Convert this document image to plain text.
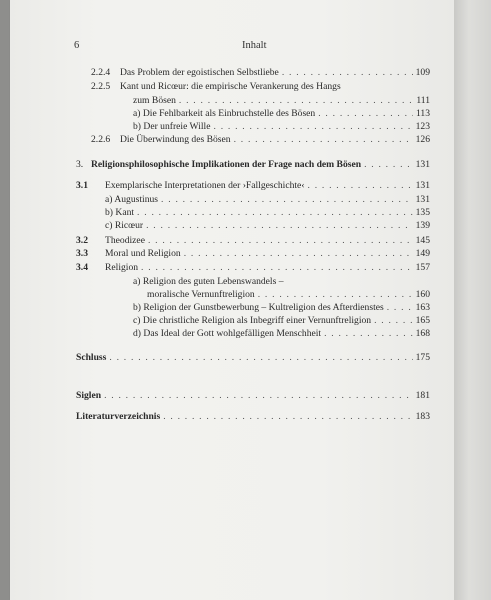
6	Inhalt
2.2.4	Das Problem der egoistischen Selbstliebe . . .	109
2.2.5	Kant und Ricœur: die empirische Verankerung des Hangs
zum Bösen . . .	111
a) Die Fehlbarkeit als Einbruchstelle des Bösen . . .	113
b) Der unfreie Wille . . .	123
2.2.6	Die Überwindung des Bösen . . .	126
3. Religionsphilosophische Implikationen der Frage nach dem Bösen . . .	131
3.1	Exemplarische Interpretationen der ›Fallgeschichte‹ . . .	131
a) Augustinus . . .	131
b) Kant . . .	135
c) Ricœur . . .	139
3.2	Theodizee . . .	145
3.3	Moral und Religion . . .	149
3.4	Religion . . .	157
a) Religion des guten Lebenswandels –
moralische Vernunftreligion . . .	160
b) Religion der Gunstbewerbung – Kultreligion des Afterdienstes . . .	163
c) Die christliche Religion als Inbegriff einer Vernunftreligion . . .	165
d) Das Ideal der Gott wohlgefälligen Menschheit . . .	168
Schluss . . .	175
Siglen . . .	181
Literaturverzeichnis . . .	183
